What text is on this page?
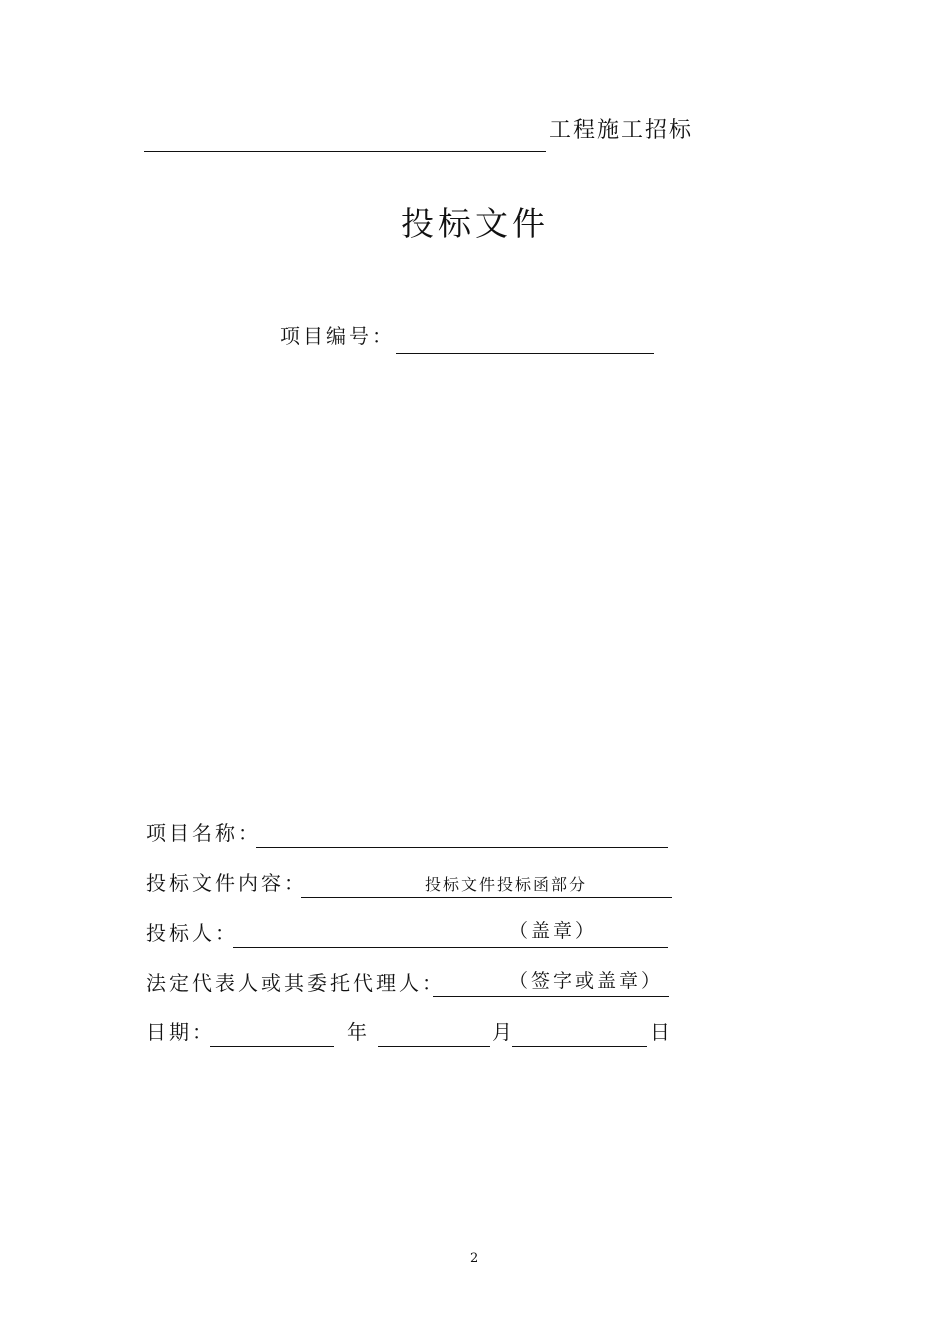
工程施工招标
投标文件
项目编号：
项目名称：
投标文件内容：	投标文件投标函部分
投标人：	（盖章）
法定代表人或其委托代理人：	（签字或盖章）
日期：	年	月	日
2
